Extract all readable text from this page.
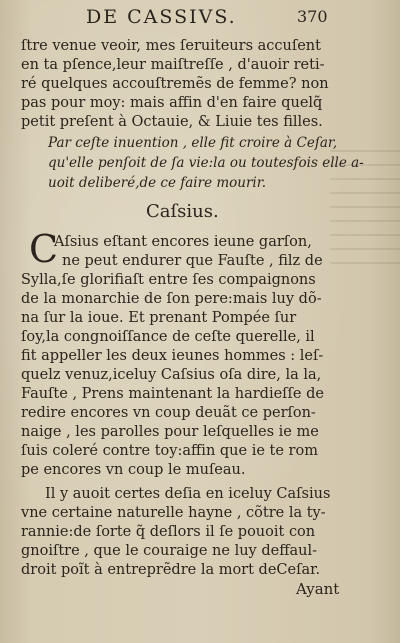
DE CASSIVS.	370
ſtre venue veoir, mes ſeruiteurs accuſent
en ta pſence,leur maiſtreſſe , d'auoir reti-
ré quelques accouſtremẽs de femme? non
pas pour moy: mais affin d'en faire quelq̃
petit preſent à Octauie, & Liuie tes filles.
Par ceſte inuention , elle fit croire à Ceſar,
qu'elle penſoit de ſa vie:la ou toutesfois elle a-
uoit deliberé,de ce faire mourir.
Caſsius.
C
Aſsius eſtant encores ieune garſon,
ne peut endurer que Fauſte , filz de
Sylla,ſe glorifiaſt entre ſes compaignons
de la monarchie de ſon pere:mais luy dõ-
na ſur la ioue. Et prenant Pompée ſur
ſoy,la congnoiſſance de ceſte querelle, il
fit appeller les deux ieunes hommes : leſ-
quelz venuz,iceluy Caſsius oſa dire, la la,
Fauſte , Prens maintenant la hardieſſe de
redire encores vn coup deuãt ce perſon-
naige , les parolles pour leſquelles ie me
ſuis coleré contre toy:affin que ie te rom
pe encores vn coup le muſeau.
Il y auoit certes deſia en iceluy Caſsius
vne certaine naturelle hayne , cõtre la ty-
rannie:de ſorte q̃ deſlors il ſe pouoit con
gnoiſtre , que le couraige ne luy deffaul-
droit poĩt à entreprẽdre la mort deCeſar.
Ayant
